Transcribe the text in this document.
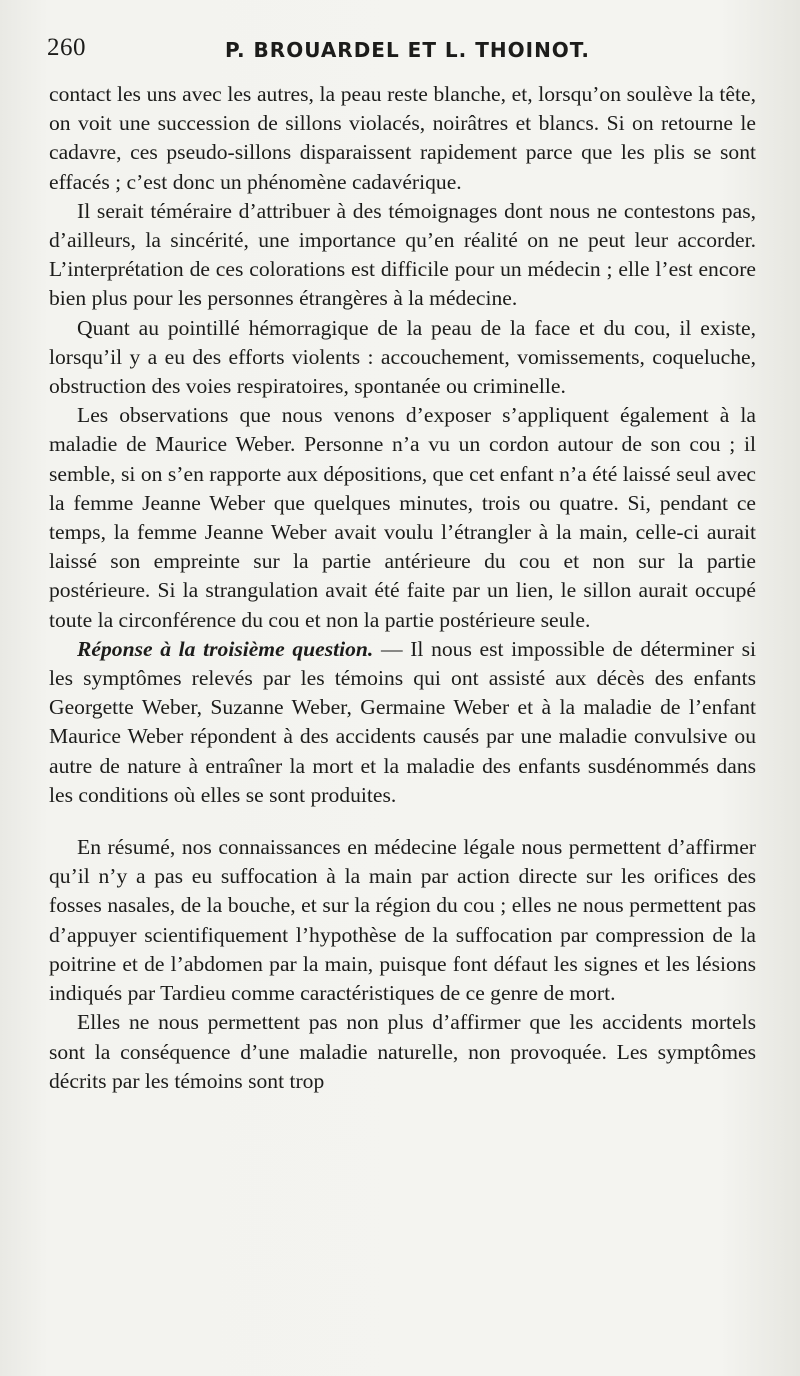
260	P. BROUARDEL ET L. THOINOT.

contact les uns avec les autres, la peau reste blanche, et, lorsqu’on soulève la tête, on voit une succession de sillons violacés, noirâtres et blancs. Si on retourne le cadavre, ces pseudo-sillons disparaissent rapidement parce que les plis se sont effacés ; c’est donc un phénomène cadavérique.

Il serait téméraire d’attribuer à des témoignages dont nous ne contestons pas, d’ailleurs, la sincérité, une importance qu’en réalité on ne peut leur accorder. L’interprétation de ces colorations est difficile pour un médecin ; elle l’est encore bien plus pour les personnes étrangères à la médecine.

Quant au pointillé hémorragique de la peau de la face et du cou, il existe, lorsqu’il y a eu des efforts violents : accouchement, vomissements, coqueluche, obstruction des voies respiratoires, spontanée ou criminelle.

Les observations que nous venons d’exposer s’appliquent également à la maladie de Maurice Weber. Personne n’a vu un cordon autour de son cou ; il semble, si on s’en rapporte aux dépositions, que cet enfant n’a été laissé seul avec la femme Jeanne Weber que quelques minutes, trois ou quatre. Si, pendant ce temps, la femme Jeanne Weber avait voulu l’étrangler à la main, celle-ci aurait laissé son empreinte sur la partie antérieure du cou et non sur la partie postérieure. Si la strangulation avait été faite par un lien, le sillon aurait occupé toute la circonférence du cou et non la partie postérieure seule.

Réponse à la troisième question. — Il nous est impossible de déterminer si les symptômes relevés par les témoins qui ont assisté aux décès des enfants Georgette Weber, Suzanne Weber, Germaine Weber et à la maladie de l’enfant Maurice Weber répondent à des accidents causés par une maladie convulsive ou autre de nature à entraîner la mort et la maladie des enfants susdénommés dans les conditions où elles se sont produites.

En résumé, nos connaissances en médecine légale nous permettent d’affirmer qu’il n’y a pas eu suffocation à la main par action directe sur les orifices des fosses nasales, de la bouche, et sur la région du cou ; elles ne nous permettent pas d’appuyer scientifiquement l’hypothèse de la suffocation par compression de la poitrine et de l’abdomen par la main, puisque font défaut les signes et les lésions indiqués par Tardieu comme caractéristiques de ce genre de mort.

Elles ne nous permettent pas non plus d’affirmer que les accidents mortels sont la conséquence d’une maladie naturelle, non provoquée. Les symptômes décrits par les témoins sont trop
